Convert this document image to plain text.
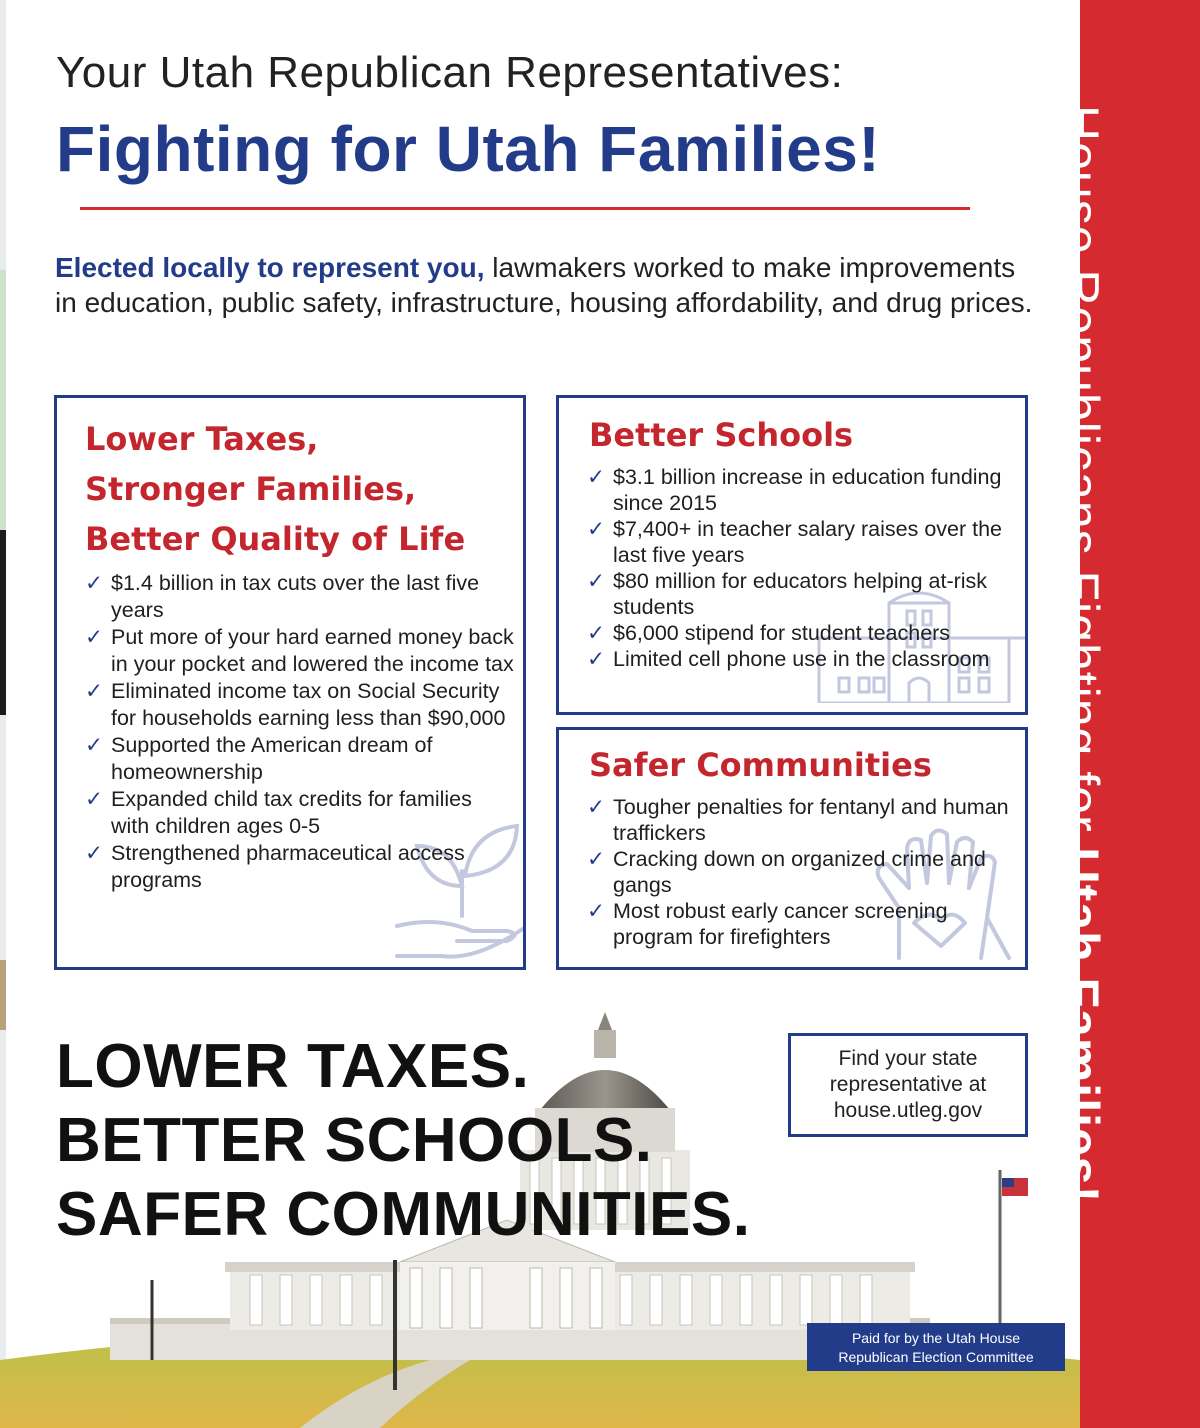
House Republicans Fighting for Utah Families!
Your Utah Republican Representatives:
Fighting for Utah Families!
Elected locally to represent you, lawmakers worked to make improvements in education, public safety, infrastructure, housing affordability, and drug prices.
Lower Taxes,
Stronger Families,
Better Quality of Life
✓ $1.4 billion in tax cuts over the last five years
✓ Put more of your hard earned money back in your pocket and lowered the income tax
✓ Eliminated income tax on Social Security for households earning less than $90,000
✓ Supported the American dream of homeownership
✓ Expanded child tax credits for families with children ages 0-5
✓ Strengthened pharmaceutical access programs
Better Schools
✓ $3.1 billion increase in education funding since 2015
✓ $7,400+ in teacher salary raises over the last five years
✓ $80 million for educators helping at-risk students
✓ $6,000 stipend for student teachers
✓ Limited cell phone use in the classroom
Safer Communities
✓ Tougher penalties for fentanyl and human traffickers
✓ Cracking down on organized crime and gangs
✓ Most robust early cancer screening program for firefighters
LOWER TAXES.
BETTER SCHOOLS.
SAFER COMMUNITIES.
Find your state
representative at
house.utleg.gov
Paid for by the Utah House
Republican Election Committee
